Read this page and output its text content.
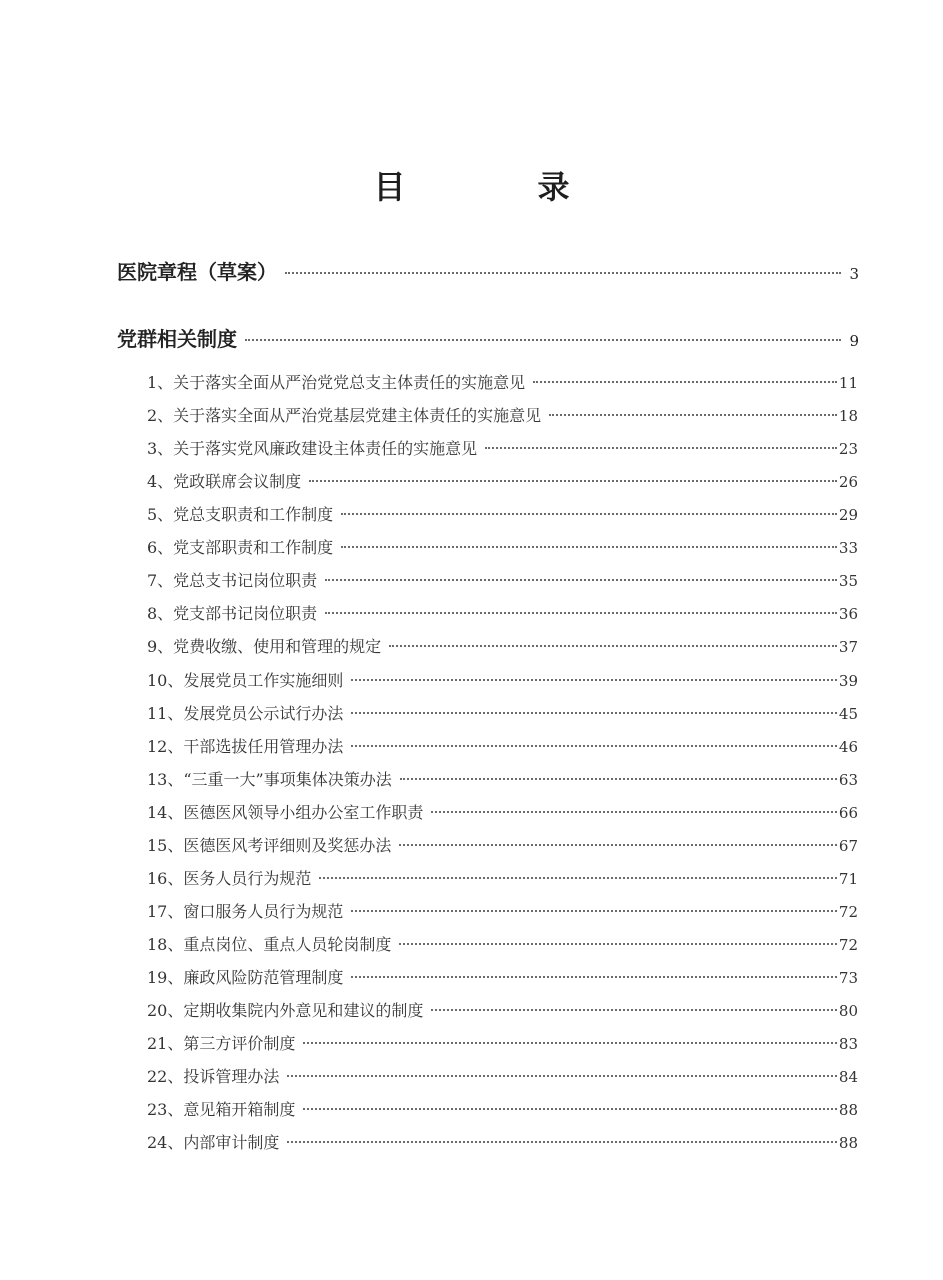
目　录
医院章程（草案）	3
党群相关制度	9
1、关于落实全面从严治党党总支主体责任的实施意见	11
2、关于落实全面从严治党基层党建主体责任的实施意见	18
3、关于落实党风廉政建设主体责任的实施意见	23
4、党政联席会议制度	26
5、党总支职责和工作制度	29
6、党支部职责和工作制度	33
7、党总支书记岗位职责	35
8、党支部书记岗位职责	36
9、党费收缴、使用和管理的规定	37
10、发展党员工作实施细则	39
11、发展党员公示试行办法	45
12、干部选拔任用管理办法	46
13、“三重一大”事项集体决策办法	63
14、医德医风领导小组办公室工作职责	66
15、医德医风考评细则及奖惩办法	67
16、医务人员行为规范	71
17、窗口服务人员行为规范	72
18、重点岗位、重点人员轮岗制度	72
19、廉政风险防范管理制度	73
20、定期收集院内外意见和建议的制度	80
21、第三方评价制度	83
22、投诉管理办法	84
23、意见箱开箱制度	88
24、内部审计制度	88
